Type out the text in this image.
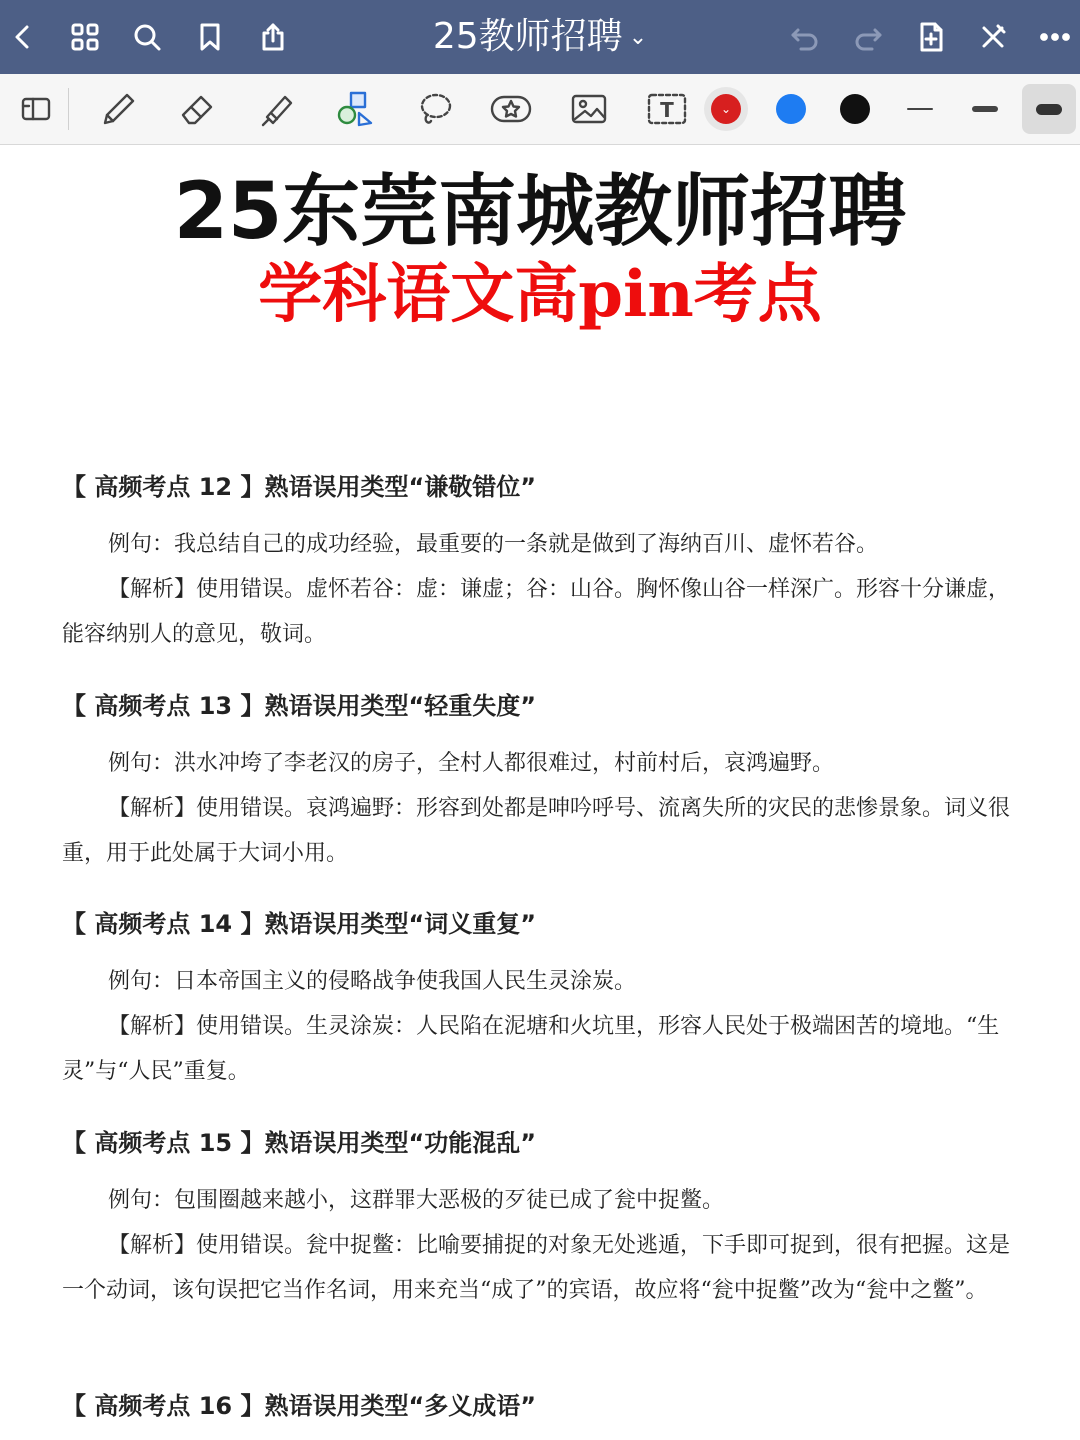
25教师招聘 ⌄
T	⌄
25东莞南城教师招聘
学科语文高pin考点
【 高频考点 12 】熟语误用类型“谦敬错位”
例句：我总结自己的成功经验，最重要的一条就是做到了海纳百川、虚怀若谷。
【解析】使用错误。虚怀若谷：虚：谦虚；谷：山谷。胸怀像山谷一样深广。形容十分谦虚，能容纳别人的意见，敬词。
【 高频考点 13 】熟语误用类型“轻重失度”
例句：洪水冲垮了李老汉的房子，全村人都很难过，村前村后，哀鸿遍野。
【解析】使用错误。哀鸿遍野：形容到处都是呻吟呼号、流离失所的灾民的悲惨景象。词义很重，用于此处属于大词小用。
【 高频考点 14 】熟语误用类型“词义重复”
例句：日本帝国主义的侵略战争使我国人民生灵涂炭。
【解析】使用错误。生灵涂炭：人民陷在泥塘和火坑里，形容人民处于极端困苦的境地。“生灵”与“人民”重复。
【 高频考点 15 】熟语误用类型“功能混乱”
例句：包围圈越来越小，这群罪大恶极的歹徒已成了瓮中捉鳖。
【解析】使用错误。瓮中捉鳖：比喻要捕捉的对象无处逃遁，下手即可捉到，很有把握。这是一个动词，该句误把它当作名词，用来充当“成了”的宾语，故应将“瓮中捉鳖”改为“瓮中之鳖”。
【 高频考点 16 】熟语误用类型“多义成语”
